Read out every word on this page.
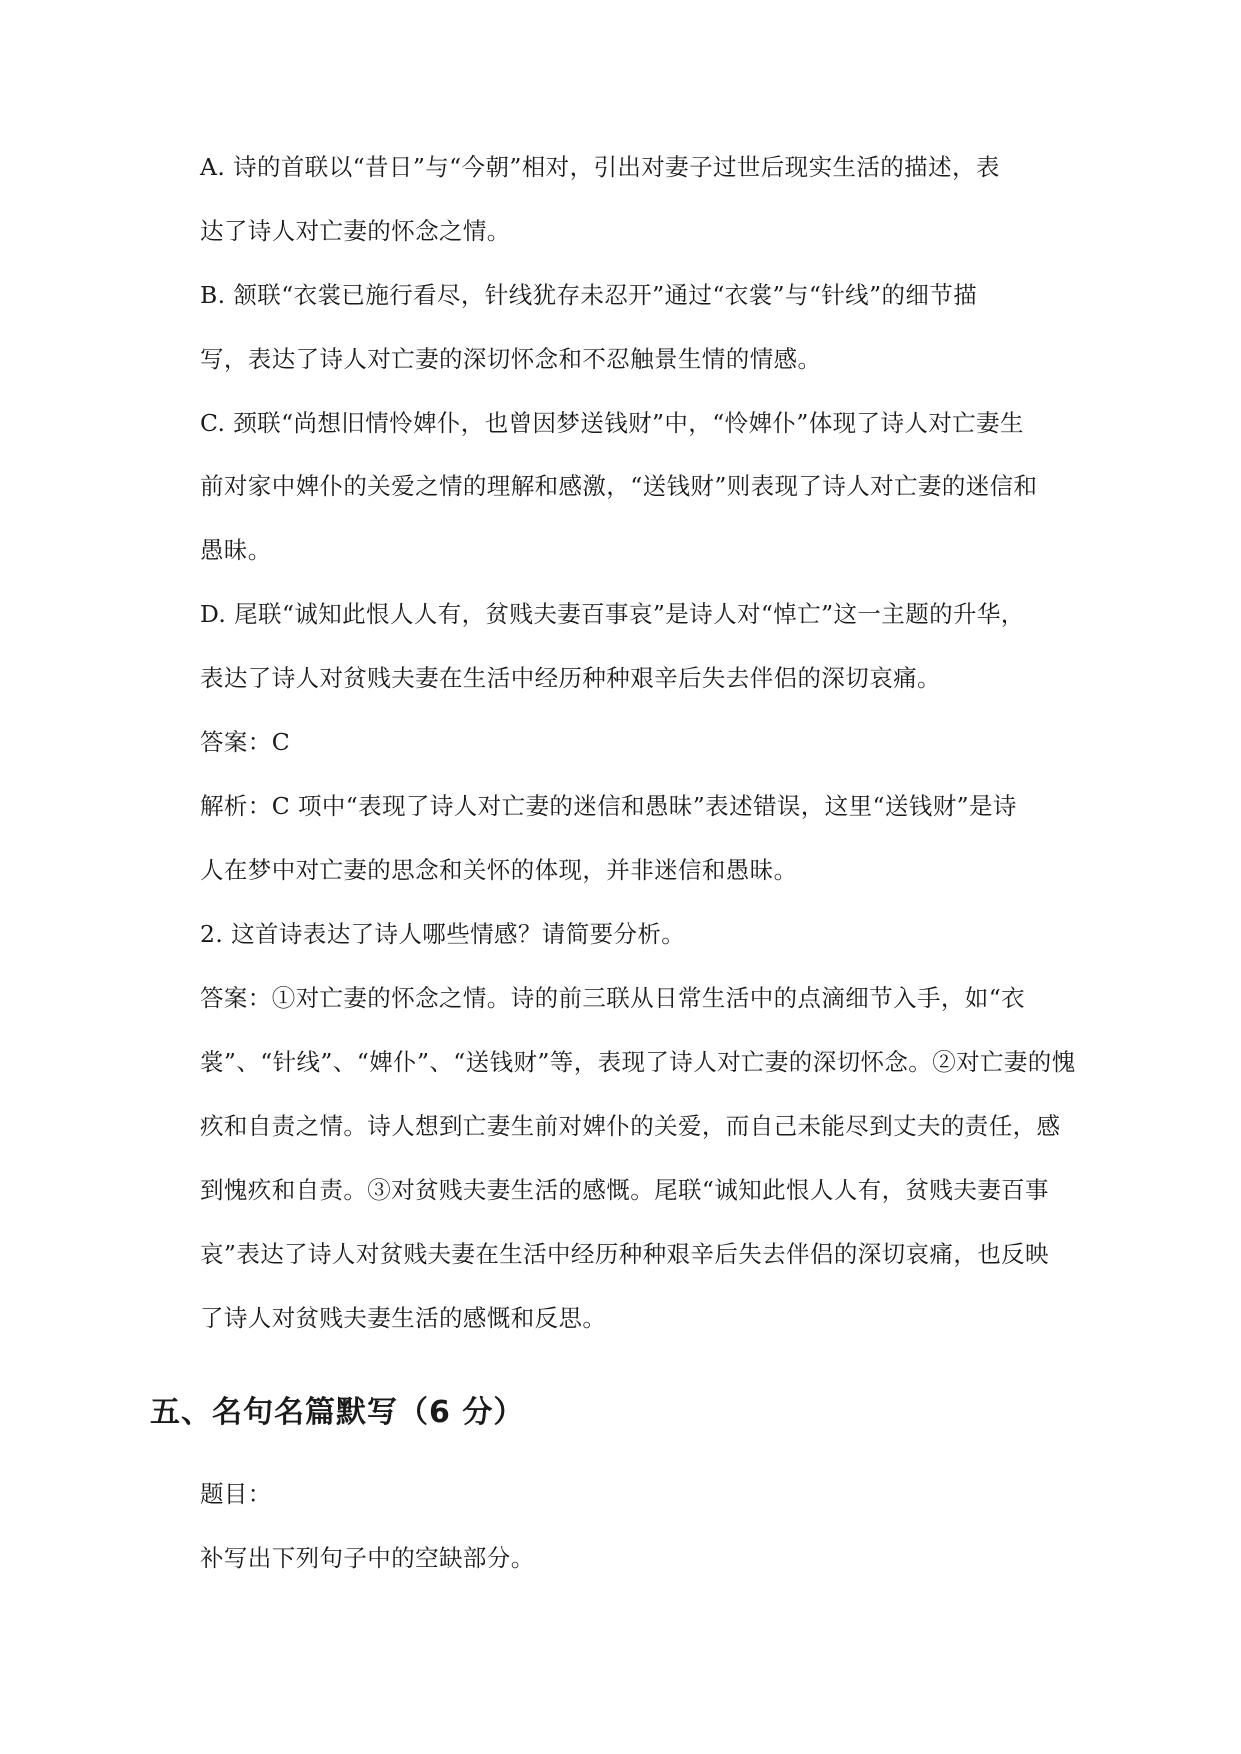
A. 诗的首联以“昔日”与“今朝”相对，引出对妻子过世后现实生活的描述，表
达了诗人对亡妻的怀念之情。
B. 颔联“衣裳已施行看尽，针线犹存未忍开”通过“衣裳”与“针线”的细节描
写，表达了诗人对亡妻的深切怀念和不忍触景生情的情感。
C. 颈联“尚想旧情怜婢仆，也曾因梦送钱财”中，“怜婢仆”体现了诗人对亡妻生
前对家中婢仆的关爱之情的理解和感激，“送钱财”则表现了诗人对亡妻的迷信和
愚昧。
D. 尾联“诚知此恨人人有，贫贱夫妻百事哀”是诗人对“悼亡”这一主题的升华，
表达了诗人对贫贱夫妻在生活中经历种种艰辛后失去伴侣的深切哀痛。
答案：C
解析：C 项中“表现了诗人对亡妻的迷信和愚昧”表述错误，这里“送钱财”是诗
人在梦中对亡妻的思念和关怀的体现，并非迷信和愚昧。
2. 这首诗表达了诗人哪些情感？请简要分析。
答案：①对亡妻的怀念之情。诗的前三联从日常生活中的点滴细节入手，如“衣
裳”、“针线”、“婢仆”、“送钱财”等，表现了诗人对亡妻的深切怀念。②对亡妻的愧
疚和自责之情。诗人想到亡妻生前对婢仆的关爱，而自己未能尽到丈夫的责任，感
到愧疚和自责。③对贫贱夫妻生活的感慨。尾联“诚知此恨人人有，贫贱夫妻百事
哀”表达了诗人对贫贱夫妻在生活中经历种种艰辛后失去伴侣的深切哀痛，也反映
了诗人对贫贱夫妻生活的感慨和反思。
五、名句名篇默写（6 分）
题目：
补写出下列句子中的空缺部分。
